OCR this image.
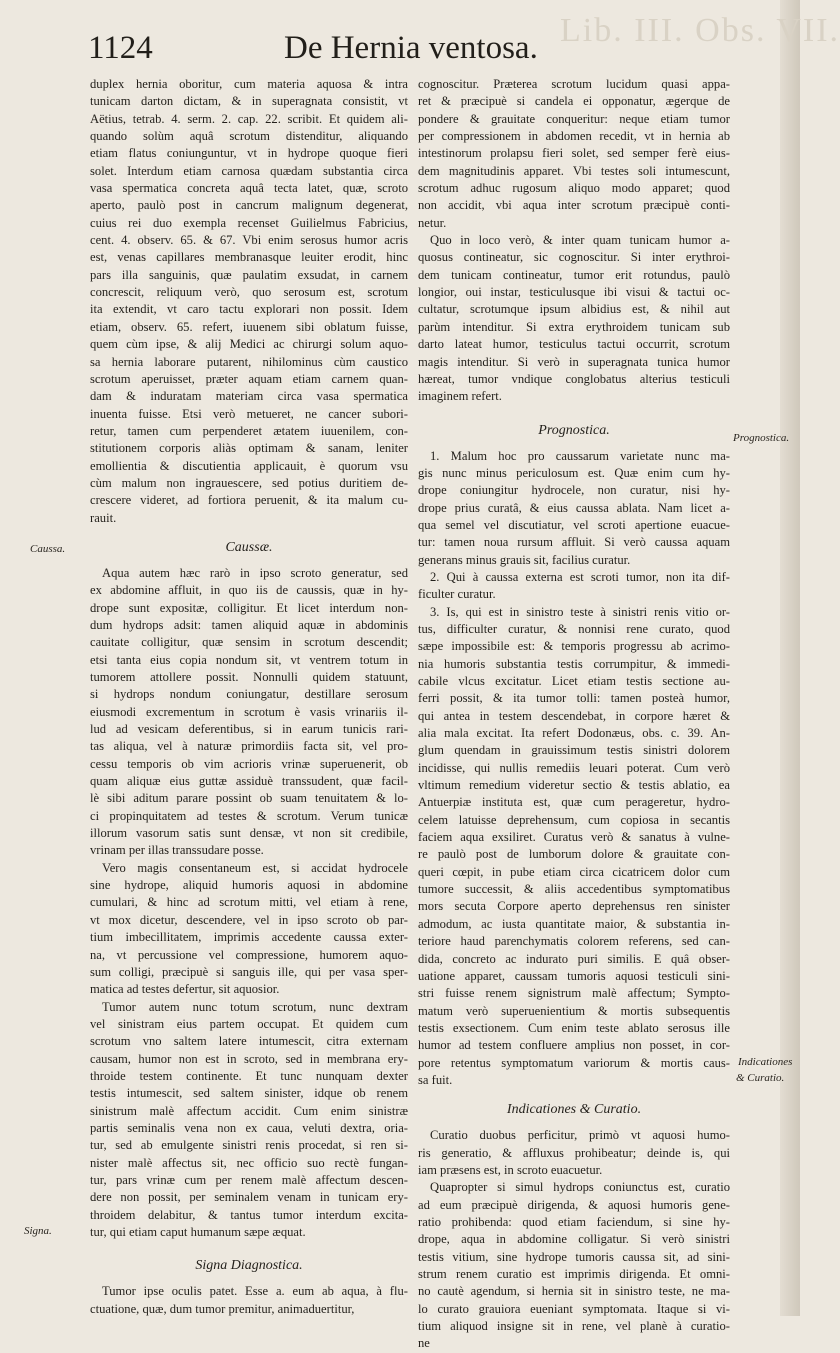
Lib. III. Obs. VII.
1124	De Hernia ventosa.
duplex hernia oboritur, cum materia aquosa & intra
tunicam darton dictam, & in superagnata consistit, vt
Aëtius, tetrab. 4. serm. 2. cap. 22. scribit. Et quidem ali-
quando solùm aquâ scrotum distenditur, aliquando
etiam flatus coniunguntur, vt in hydrope quoque fieri
solet. Interdum etiam carnosa quædam substantia circa
vasa spermatica concreta aquâ tecta latet, quæ, scroto
aperto, paulò post in cancrum malignum degenerat,
cuius rei duo exempla recenset Guilielmus Fabricius,
cent. 4. observ. 65. & 67. Vbi enim serosus humor acris
est, venas capillares membranasque leuiter erodit, hinc
pars illa sanguinis, quæ paulatim exsudat, in carnem
concrescit, reliquum verò, quo serosum est, scrotum
ita extendit, vt caro tactu explorari non possit. Idem
etiam, observ. 65. refert, iuuenem sibi oblatum fuisse,
quem cùm ipse, & alij Medici ac chirurgi solum aquo-
sa hernia laborare putarent, nihilominus cùm caustico
scrotum aperuisset, præter aquam etiam carnem quan-
dam & induratam materiam circa vasa spermatica
inuenta fuisse. Etsi verò metueret, ne cancer subori-
retur, tamen cum perpenderet ætatem iuuenilem, con-
stitutionem corporis aliàs optimam & sanam, leniter
emollientia & discutientia applicauit, è quorum vsu
cùm malum non ingrauescere, sed potius duritiem de-
crescere videret, ad fortiora peruenit, & ita malum cu-
rauit.
Caussæ.
Aqua autem hæc rarò in ipso scroto generatur, sed
ex abdomine affluit, in quo iis de caussis, quæ in hy-
drope sunt expositæ, colligitur. Et licet interdum non-
dum hydrops adsit: tamen aliquid aquæ in abdominis
cauitate colligitur, quæ sensim in scrotum descendit;
etsi tanta eius copia nondum sit, vt ventrem totum in
tumorem attollere possit. Nonnulli quidem statuunt,
si hydrops nondum coniungatur, destillare serosum
eiusmodi excrementum in scrotum è vasis vrinariis il-
lud ad vesicam deferentibus, si in earum tunicis rari-
tas aliqua, vel à naturæ primordiis facta sit, vel pro-
cessu temporis ob vim acrioris vrinæ superuenerit, ob
quam aliquæ eius guttæ assiduè transsudent, quæ facil-
lè sibi aditum parare possint ob suam tenuitatem & lo-
ci propinquitatem ad testes & scrotum. Verum tunicæ
illorum vasorum satis sunt densæ, vt non sit credibile,
vrinam per illas transsudare posse.
Vero magis consentaneum est, si accidat hydrocele
sine hydrope, aliquid humoris aquosi in abdomine
cumulari, & hinc ad scrotum mitti, vel etiam à rene,
vt mox dicetur, descendere, vel in ipso scroto ob par-
tium imbecillitatem, imprimis accedente caussa exter-
na, vt percussione vel compressione, humorem aquo-
sum colligi, præcipuè si sanguis ille, qui per vasa sper-
matica ad testes defertur, sit aquosior.
Tumor autem nunc totum scrotum, nunc dextram
vel sinistram eius partem occupat. Et quidem cum
scrotum vno saltem latere intumescit, citra externam
causam, humor non est in scroto, sed in membrana ery-
throide testem continente. Et tunc nunquam dexter
testis intumescit, sed saltem sinister, idque ob renem
sinistrum malè affectum accidit. Cum enim sinistræ
partis seminalis vena non ex caua, veluti dextra, oria-
tur, sed ab emulgente sinistri renis procedat, si ren si-
nister malè affectus sit, nec officio suo rectè fungan-
tur, pars vrinæ cum per renem malè affectum descen-
dere non possit, per seminalem venam in tunicam ery-
throidem delabitur, & tantus tumor interdum excita-
tur, qui etiam caput humanum sæpe æquat.
Signa Diagnostica.
Tumor ipse oculis patet. Esse a. eum ab aqua, à flu-
ctuatione, quæ, dum tumor premitur, animaduertitur,
cognoscitur. Præterea scrotum lucidum quasi appa-
ret & præcipuè si candela ei opponatur, ægerque de
pondere & grauitate conqueritur: neque etiam tumor
per compressionem in abdomen recedit, vt in hernia ab
intestinorum prolapsu fieri solet, sed semper ferè eius-
dem magnitudinis apparet. Vbi testes soli intumescunt,
scrotum adhuc rugosum aliquo modo apparet; quod
non accidit, vbi aqua inter scrotum præcipuè conti-
netur.
Quo in loco verò, & inter quam tunicam humor a-
quosus contineatur, sic cognoscitur. Si inter erythroi-
dem tunicam contineatur, tumor erit rotundus, paulò
longior, oui instar, testiculusque ibi visui & tactui oc-
cultatur, scrotumque ipsum albidius est, & nihil aut
parùm intenditur. Si extra erythroidem tunicam sub
darto lateat humor, testiculus tactui occurrit, scrotum
magis intenditur. Si verò in superagnata tunica humor
hæreat, tumor vndique conglobatus alterius testiculi
imaginem refert.
Prognostica.
1. Malum hoc pro caussarum varietate nunc ma-
gis nunc minus periculosum est. Quæ enim cum hy-
drope coniungitur hydrocele, non curatur, nisi hy-
drope prius curatâ, & eius caussa ablata. Nam licet a-
qua semel vel discutiatur, vel scroti apertione euacue-
tur: tamen noua rursum affluit. Si verò caussa aquam
generans minus grauis sit, facilius curatur.
2. Qui à caussa externa est scroti tumor, non ita dif-
ficulter curatur.
3. Is, qui est in sinistro teste à sinistri renis vitio or-
tus, difficulter curatur, & nonnisi rene curato, quod
sæpe impossibile est: & temporis progressu ab acrimo-
nia humoris substantia testis corrumpitur, & immedi-
cabile vlcus excitatur. Licet etiam testis sectione au-
ferri possit, & ita tumor tolli: tamen posteà humor,
qui antea in testem descendebat, in corpore hæret &
alia mala excitat. Ita refert Dodonæus, obs. c. 39. An-
glum quendam in grauissimum testis sinistri dolorem
incidisse, qui nullis remediis leuari poterat. Cum verò
vltimum remedium videretur sectio & testis ablatio, ea
Antuerpiæ instituta est, quæ cum perageretur, hydro-
celem latuisse deprehensum, cum copiosa in secantis
faciem aqua exsiliret. Curatus verò & sanatus à vulne-
re paulò post de lumborum dolore & grauitate con-
queri cœpit, in pube etiam circa cicatricem dolor cum
tumore successit, & aliis accedentibus symptomatibus
mors secuta Corpore aperto deprehensus ren sinister
admodum, ac iusta quantitate maior, & substantia in-
teriore haud parenchymatis colorem referens, sed can-
dida, concreto ac indurato puri similis. E quâ obser-
uatione apparet, caussam tumoris aquosi testiculi sini-
stri fuisse renem signistrum malè affectum; Sympto-
matum verò superuenientium & mortis subsequentis
testis exsectionem. Cum enim teste ablato serosus ille
humor ad testem confluere amplius non posset, in cor-
pore retentus symptomatum variorum & mortis caus-
sa fuit.
Indicationes & Curatio.
Curatio duobus perficitur, primò vt aquosi humo-
ris generatio, & affluxus prohibeatur; deinde is, qui
iam præsens est, in scroto euacuetur.
Quapropter si simul hydrops coniunctus est, curatio
ad eum præcipuè dirigenda, & aquosi humoris gene-
ratio prohibenda: quod etiam faciendum, si sine hy-
drope, aqua in abdomine colligatur. Si verò sinistri
testis vitium, sine hydrope tumoris caussa sit, ad sini-
strum renem curatio est imprimis dirigenda. Et omni-
no cautè agendum, si hernia sit in sinistro teste, ne ma-
lo curato grauiora eueniant symptomata. Itaque si vi-
tium aliquod insigne sit in rene, vel planè à curatio-
ne
Caussa.
Signa.
Prognostica.
Indicationes
& Curatio.
